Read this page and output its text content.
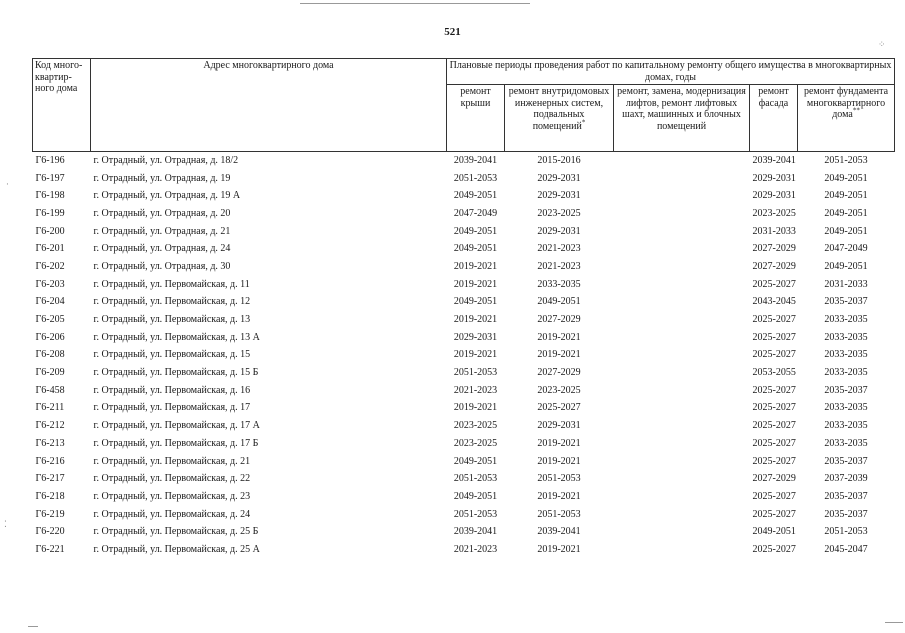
⁘
·
⁚
521
Код много-квартир-ного дома	Адрес многоквартирного дома	Плановые периоды проведения работ по капитальному ремонту общего имущества в многоквартирных домах, годы				
		ремонт крыши	ремонт внутридомовых инженерных систем, подвальных помещений*	ремонт, замена, модернизация лифтов, ремонт лифтовых шахт, машинных и блочных помещений	ремонт фасада	ремонт фундамента многоквартирного дома**
Г6-196	г. Отрадный, ул. Отрадная, д. 18/2	2039-2041	2015-2016		2039-2041	2051-2053
Г6-197	г. Отрадный, ул. Отрадная, д. 19	2051-2053	2029-2031		2029-2031	2049-2051
Г6-198	г. Отрадный, ул. Отрадная, д. 19 А	2049-2051	2029-2031		2029-2031	2049-2051
Г6-199	г. Отрадный, ул. Отрадная, д. 20	2047-2049	2023-2025		2023-2025	2049-2051
Г6-200	г. Отрадный, ул. Отрадная, д. 21	2049-2051	2029-2031		2031-2033	2049-2051
Г6-201	г. Отрадный, ул. Отрадная, д. 24	2049-2051	2021-2023		2027-2029	2047-2049
Г6-202	г. Отрадный, ул. Отрадная, д. 30	2019-2021	2021-2023		2027-2029	2049-2051
Г6-203	г. Отрадный, ул. Первомайская, д. 11	2019-2021	2033-2035		2025-2027	2031-2033
Г6-204	г. Отрадный, ул. Первомайская, д. 12	2049-2051	2049-2051		2043-2045	2035-2037
Г6-205	г. Отрадный, ул. Первомайская, д. 13	2019-2021	2027-2029		2025-2027	2033-2035
Г6-206	г. Отрадный, ул. Первомайская, д. 13 А	2029-2031	2019-2021		2025-2027	2033-2035
Г6-208	г. Отрадный, ул. Первомайская, д. 15	2019-2021	2019-2021		2025-2027	2033-2035
Г6-209	г. Отрадный, ул. Первомайская, д. 15 Б	2051-2053	2027-2029		2053-2055	2033-2035
Г6-458	г. Отрадный, ул. Первомайская, д. 16	2021-2023	2023-2025		2025-2027	2035-2037
Г6-211	г. Отрадный, ул. Первомайская, д. 17	2019-2021	2025-2027		2025-2027	2033-2035
Г6-212	г. Отрадный, ул. Первомайская, д. 17 А	2023-2025	2029-2031		2025-2027	2033-2035
Г6-213	г. Отрадный, ул. Первомайская, д. 17 Б	2023-2025	2019-2021		2025-2027	2033-2035
Г6-216	г. Отрадный, ул. Первомайская, д. 21	2049-2051	2019-2021		2025-2027	2035-2037
Г6-217	г. Отрадный, ул. Первомайская, д. 22	2051-2053	2051-2053		2027-2029	2037-2039
Г6-218	г. Отрадный, ул. Первомайская, д. 23	2049-2051	2019-2021		2025-2027	2035-2037
Г6-219	г. Отрадный, ул. Первомайская, д. 24	2051-2053	2051-2053		2025-2027	2035-2037
Г6-220	г. Отрадный, ул. Первомайская, д. 25 Б	2039-2041	2039-2041		2049-2051	2051-2053
Г6-221	г. Отрадный, ул. Первомайская, д. 25 А	2021-2023	2019-2021		2025-2027	2045-2047
